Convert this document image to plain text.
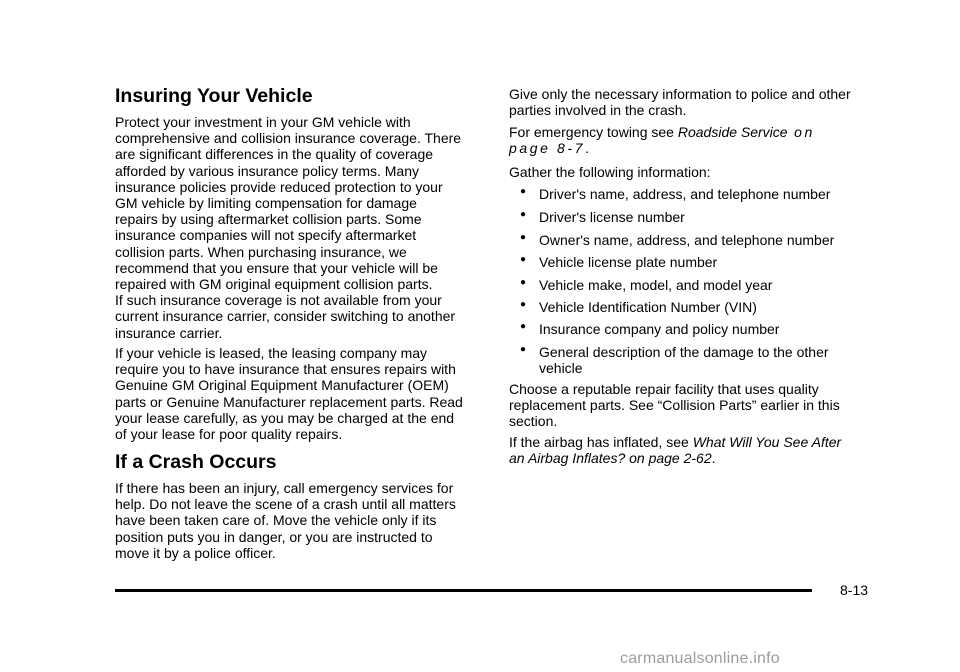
Insuring Your Vehicle

Protect your investment in your GM vehicle with
comprehensive and collision insurance coverage. There
are significant differences in the quality of coverage
afforded by various insurance policy terms. Many
insurance policies provide reduced protection to your
GM vehicle by limiting compensation for damage
repairs by using aftermarket collision parts. Some
insurance companies will not specify aftermarket
collision parts. When purchasing insurance, we
recommend that you ensure that your vehicle will be
repaired with GM original equipment collision parts.
If such insurance coverage is not available from your
current insurance carrier, consider switching to another
insurance carrier.

If your vehicle is leased, the leasing company may
require you to have insurance that ensures repairs with
Genuine GM Original Equipment Manufacturer (OEM)
parts or Genuine Manufacturer replacement parts. Read
your lease carefully, as you may be charged at the end
of your lease for poor quality repairs.

If a Crash Occurs

If there has been an injury, call emergency services for
help. Do not leave the scene of a crash until all matters
have been taken care of. Move the vehicle only if its
position puts you in danger, or you are instructed to
move it by a police officer.

Give only the necessary information to police and other
parties involved in the crash.

For emergency towing see Roadside Service on
page 8-7.

Gather the following information:

● Driver's name, address, and telephone number
● Driver's license number
● Owner's name, address, and telephone number
● Vehicle license plate number
● Vehicle make, model, and model year
● Vehicle Identification Number (VIN)
● Insurance company and policy number
● General description of the damage to the other
vehicle

Choose a reputable repair facility that uses quality
replacement parts. See “Collision Parts” earlier in this
section.

If the airbag has inflated, see What Will You See After
an Airbag Inflates? on page 2-62.

8-13
carmanualsonline.info
